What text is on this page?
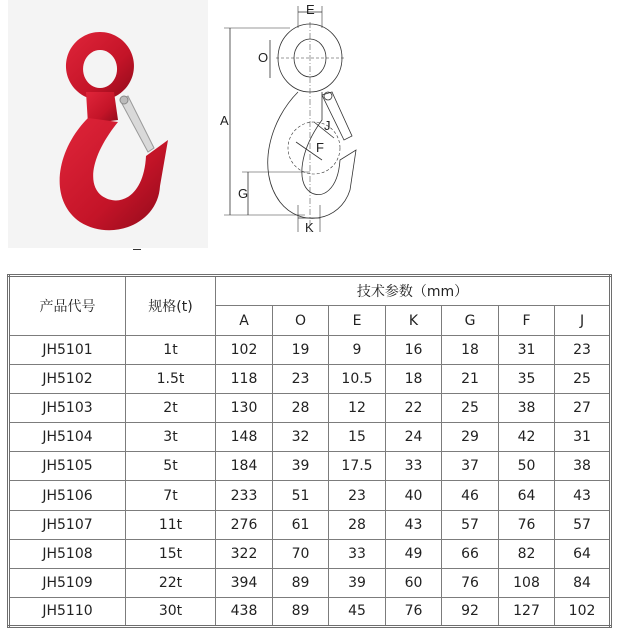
E
O
A	J
F
G
K
产品代号	规格(t)	技术参数（mm）						
		A	O	E	K	G	F	J
JH5101	1t	102	19	9	16	18	31	23
JH5102	1.5t	118	23	10.5	18	21	35	25
JH5103	2t	130	28	12	22	25	38	27
JH5104	3t	148	32	15	24	29	42	31
JH5105	5t	184	39	17.5	33	37	50	38
JH5106	7t	233	51	23	40	46	64	43
JH5107	11t	276	61	28	43	57	76	57
JH5108	15t	322	70	33	49	66	82	64
JH5109	22t	394	89	39	60	76	108	84
JH5110	30t	438	89	45	76	92	127	102
